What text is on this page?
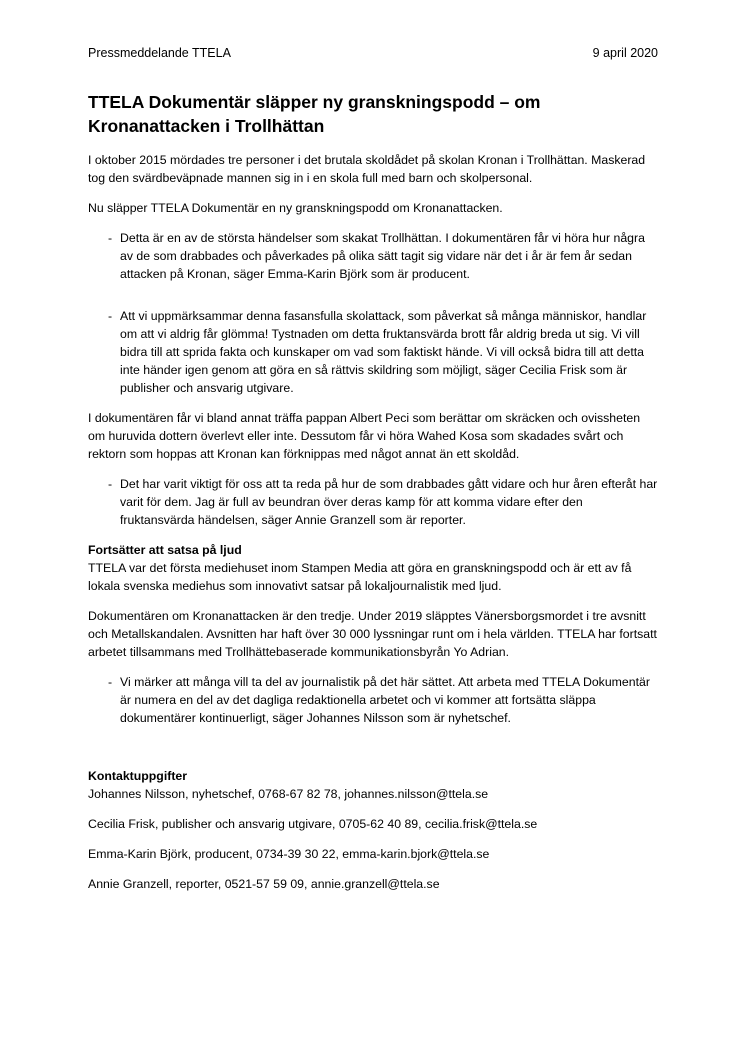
Pressmeddelande TTELA	9 april 2020
TTELA Dokumentär släpper ny granskningspodd – om Kronanattacken i Trollhättan

I oktober 2015 mördades tre personer i det brutala skoldådet på skolan Kronan i Trollhättan. Maskerad tog den svärdbeväpnade mannen sig in i en skola full med barn och skolpersonal.

Nu släpper TTELA Dokumentär en ny granskningspodd om Kronanattacken.

- Detta är en av de största händelser som skakat Trollhättan. I dokumentären får vi höra hur några av de som drabbades och påverkades på olika sätt tagit sig vidare när det i år är fem år sedan attacken på Kronan, säger Emma-Karin Björk som är producent.
- Att vi uppmärksammar denna fasansfulla skolattack, som påverkat så många människor, handlar om att vi aldrig får glömma! Tystnaden om detta fruktansvärda brott får aldrig breda ut sig. Vi vill bidra till att sprida fakta och kunskaper om vad som faktiskt hände. Vi vill också bidra till att detta inte händer igen genom att göra en så rättvis skildring som möjligt, säger Cecilia Frisk som är publisher och ansvarig utgivare.

I dokumentären får vi bland annat träffa pappan Albert Peci som berättar om skräcken och ovissheten om huruvida dottern överlevt eller inte. Dessutom får vi höra Wahed Kosa som skadades svårt och rektorn som hoppas att Kronan kan förknippas med något annat än ett skoldåd.

- Det har varit viktigt för oss att ta reda på hur de som drabbades gått vidare och hur åren efteråt har varit för dem. Jag är full av beundran över deras kamp för att komma vidare efter den fruktansvärda händelsen, säger Annie Granzell som är reporter.
Fortsätter att satsa på ljud
TTELA var det första mediehuset inom Stampen Media att göra en granskningspodd och är ett av få lokala svenska mediehus som innovativt satsar på lokaljournalistik med ljud.

Dokumentären om Kronanattacken är den tredje. Under 2019 släpptes Vänersborgsmordet i tre avsnitt och Metallskandalen. Avsnitten har haft över 30 000 lyssningar runt om i hela världen. TTELA har fortsatt arbetet tillsammans med Trollhättebaserade kommunikationsbyrån Yo Adrian.

- Vi märker att många vill ta del av journalistik på det här sättet. Att arbeta med TTELA Dokumentär är numera en del av det dagliga redaktionella arbetet och vi kommer att fortsätta släppa dokumentärer kontinuerligt, säger Johannes Nilsson som är nyhetschef.
Kontaktuppgifter
Johannes Nilsson, nyhetschef, 0768-67 82 78, johannes.nilsson@ttela.se
Cecilia Frisk, publisher och ansvarig utgivare, 0705-62 40 89, cecilia.frisk@ttela.se
Emma-Karin Björk, producent, 0734-39 30 22, emma-karin.bjork@ttela.se
Annie Granzell, reporter, 0521-57 59 09, annie.granzell@ttela.se
